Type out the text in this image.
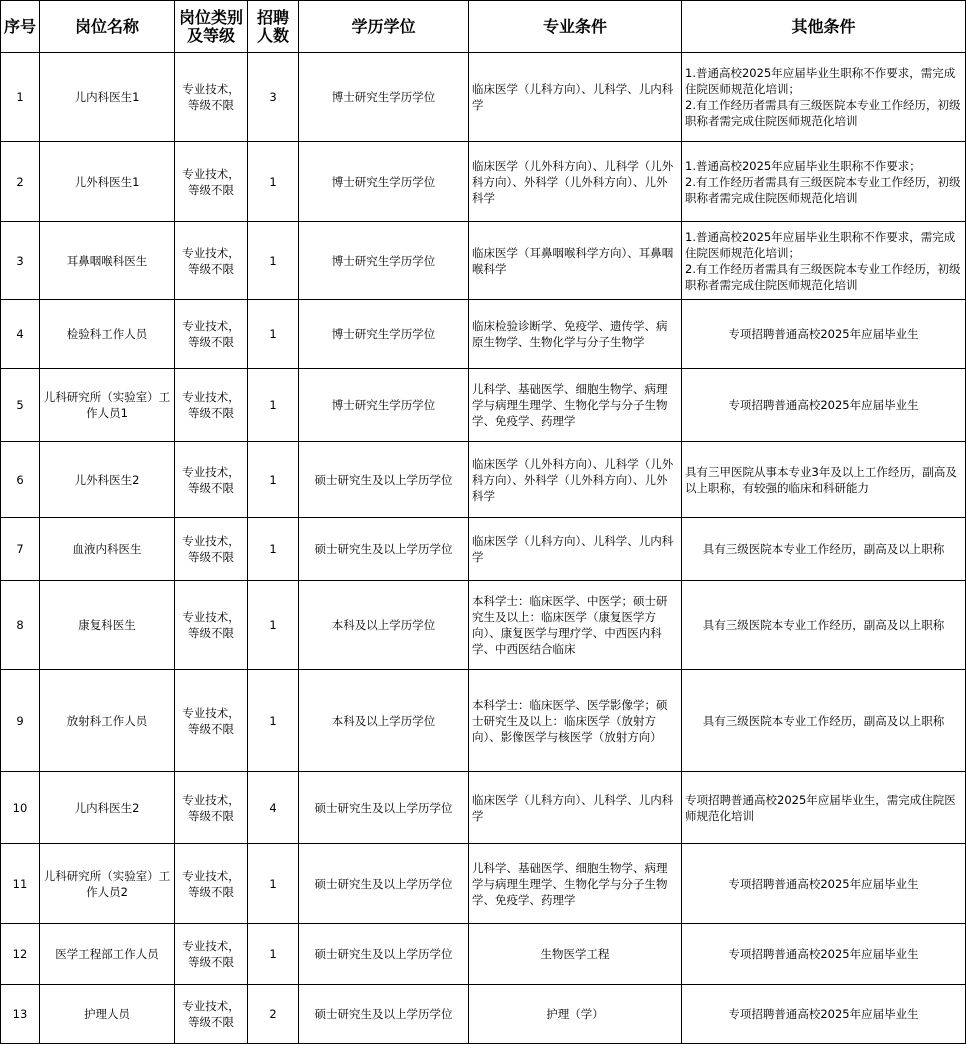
序号	岗位名称	岗位类别及等级	招聘人数	学历学位	专业条件	其他条件
1	儿内科医生1	专业技术，等级不限	3	博士研究生学历学位	临床医学（儿科方向）、儿科学、儿内科学	1.普通高校2025年应届毕业生职称不作要求，需完成住院医师规范化培训；
2.有工作经历者需具有三级医院本专业工作经历，初级职称者需完成住院医师规范化培训

2	儿外科医生1	专业技术，等级不限	1	博士研究生学历学位	临床医学（儿外科方向）、儿科学（儿外科方向）、外科学（儿外科方向）、儿外科学	1.普通高校2025年应届毕业生职称不作要求；
2.有工作经历者需具有三级医院本专业工作经历，初级职称者需完成住院医师规范化培训

3	耳鼻咽喉科医生	专业技术，等级不限	1	博士研究生学历学位	临床医学（耳鼻咽喉科学方向）、耳鼻咽喉科学	1.普通高校2025年应届毕业生职称不作要求，需完成住院医师规范化培训；
2.有工作经历者需具有三级医院本专业工作经历，初级职称者需完成住院医师规范化培训

4	检验科工作人员	专业技术，等级不限	1	博士研究生学历学位	临床检验诊断学、免疫学、遗传学、病原生物学、生物化学与分子生物学	专项招聘普通高校2025年应届毕业生

5	儿科研究所（实验室）工作人员1	专业技术，等级不限	1	博士研究生学历学位	儿科学、基础医学、细胞生物学、病理学与病理生理学、生物化学与分子生物学、免疫学、药理学	专项招聘普通高校2025年应届毕业生

6	儿外科医生2	专业技术，等级不限	1	硕士研究生及以上学历学位	临床医学（儿外科方向）、儿科学（儿外科方向）、外科学（儿外科方向）、儿外科学	具有三甲医院从事本专业3年及以上工作经历，副高及以上职称，有较强的临床和科研能力

7	血液内科医生	专业技术，等级不限	1	硕士研究生及以上学历学位	临床医学（儿科方向）、儿科学、儿内科学	具有三级医院本专业工作经历，副高及以上职称

8	康复科医生	专业技术，等级不限	1	本科及以上学历学位	本科学士：临床医学、中医学；硕士研究生及以上：临床医学（康复医学方向）、康复医学与理疗学、中西医内科学、中西医结合临床	具有三级医院本专业工作经历，副高及以上职称

9	放射科工作人员	专业技术，等级不限	1	本科及以上学历学位	本科学士：临床医学、医学影像学；硕士研究生及以上：临床医学（放射方向）、影像医学与核医学（放射方向）	具有三级医院本专业工作经历，副高及以上职称

10	儿内科医生2	专业技术，等级不限	4	硕士研究生及以上学历学位	临床医学（儿科方向）、儿科学、儿内科学	专项招聘普通高校2025年应届毕业生，需完成住院医师规范化培训

11	儿科研究所（实验室）工作人员2	专业技术，等级不限	1	硕士研究生及以上学历学位	儿科学、基础医学、细胞生物学、病理学与病理生理学、生物化学与分子生物学、免疫学、药理学	专项招聘普通高校2025年应届毕业生

12	医学工程部工作人员	专业技术，等级不限	1	硕士研究生及以上学历学位	生物医学工程	专项招聘普通高校2025年应届毕业生

13	护理人员	专业技术，等级不限	2	硕士研究生及以上学历学位	护理（学）	专项招聘普通高校2025年应届毕业生
